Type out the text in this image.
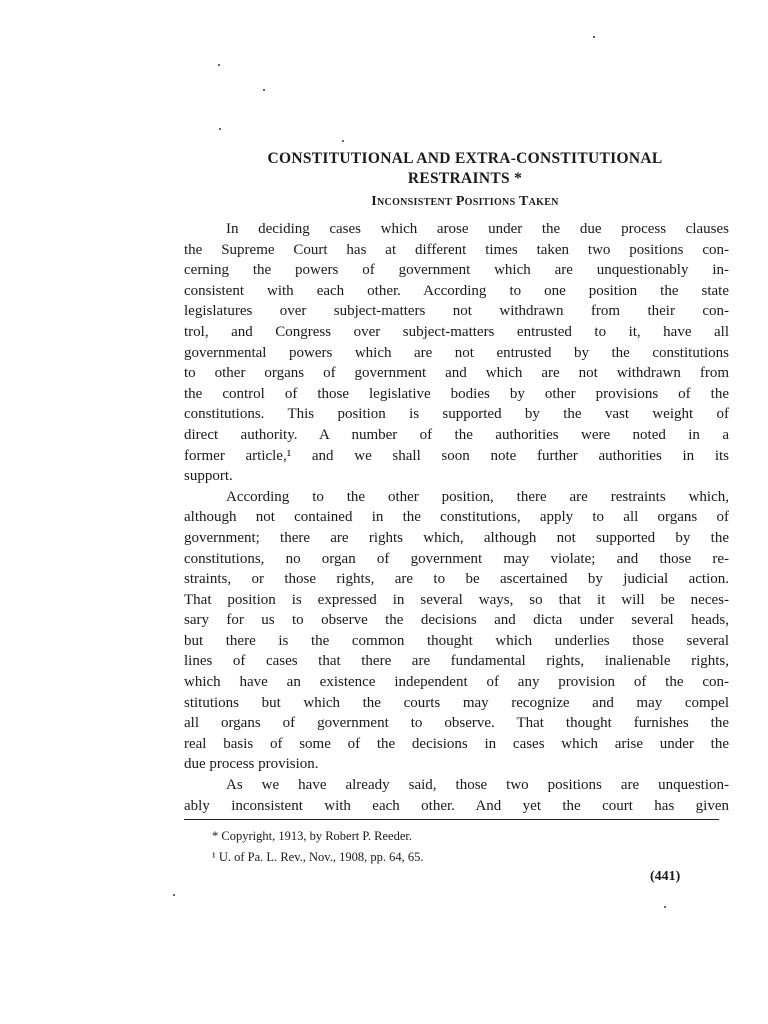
CONSTITUTIONAL AND EXTRA-CONSTITUTIONAL
RESTRAINTS *
Inconsistent Positions Taken
In deciding cases which arose under the due process clauses
the Supreme Court has at different times taken two positions con-
cerning the powers of government which are unquestionably in-
consistent with each other. According to one position the state
legislatures over subject-matters not withdrawn from their con-
trol, and Congress over subject-matters entrusted to it, have all
governmental powers which are not entrusted by the constitutions
to other organs of government and which are not withdrawn from
the control of those legislative bodies by other provisions of the
constitutions. This position is supported by the vast weight of
direct authority. A number of the authorities were noted in a
former article,¹ and we shall soon note further authorities in its
support.
According to the other position, there are restraints which,
although not contained in the constitutions, apply to all organs of
government; there are rights which, although not supported by the
constitutions, no organ of government may violate; and those re-
straints, or those rights, are to be ascertained by judicial action.
That position is expressed in several ways, so that it will be neces-
sary for us to observe the decisions and dicta under several heads,
but there is the common thought which underlies those several
lines of cases that there are fundamental rights, inalienable rights,
which have an existence independent of any provision of the con-
stitutions but which the courts may recognize and may compel
all organs of government to observe. That thought furnishes the
real basis of some of the decisions in cases which arise under the
due process provision.
As we have already said, those two positions are unquestion-
ably inconsistent with each other. And yet the court has given
* Copyright, 1913, by Robert P. Reeder.
¹ U. of Pa. L. Rev., Nov., 1908, pp. 64, 65.
(441)
